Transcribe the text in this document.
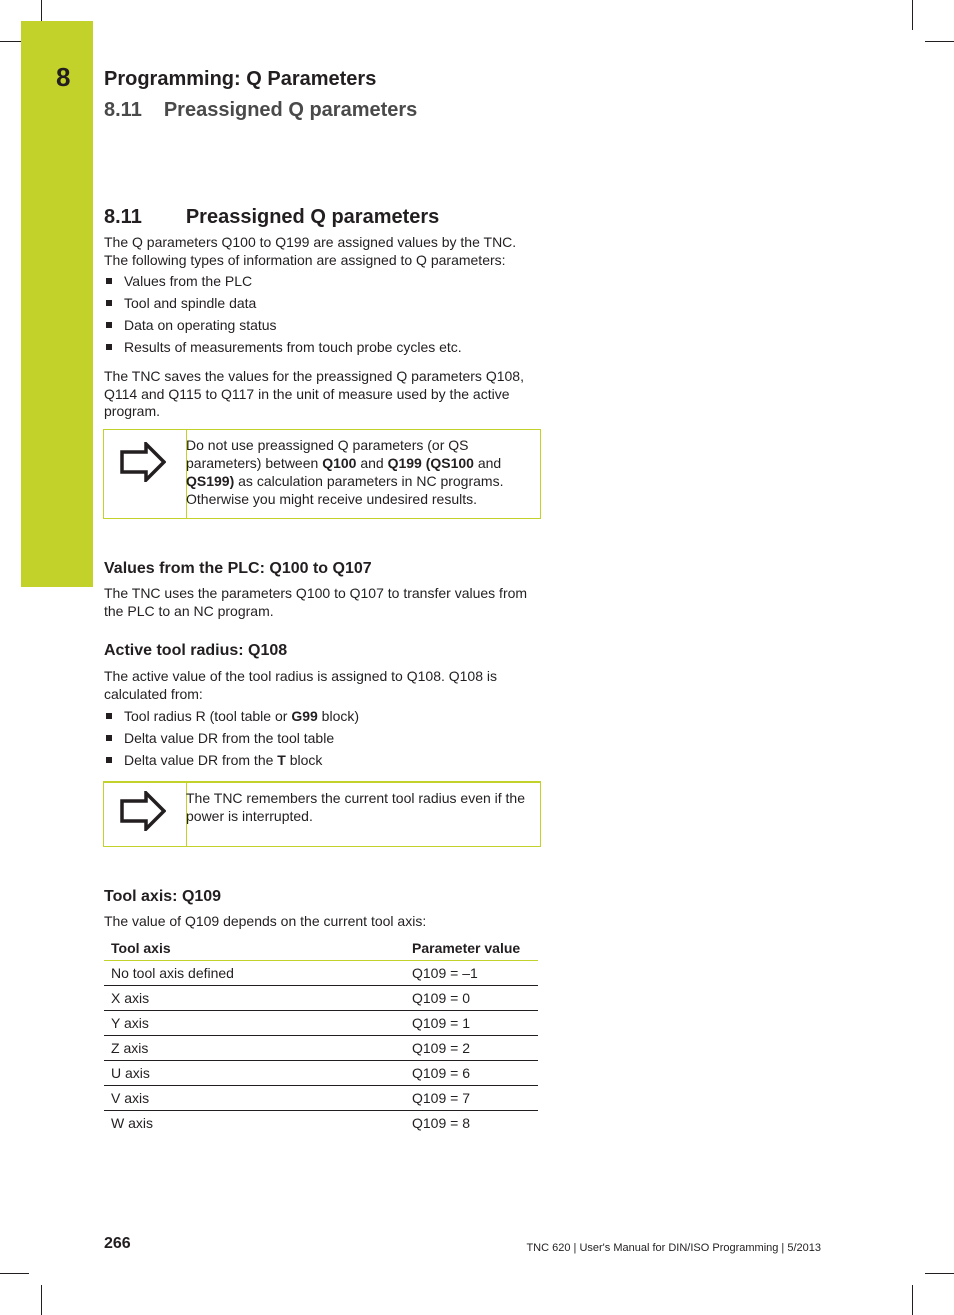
8 Programming: Q Parameters
8.11 Preassigned Q parameters
8.11 Preassigned Q parameters

The Q parameters Q100 to Q199 are assigned values by the TNC.

The following types of information are assigned to Q parameters:

Values from the PLC
Tool and spindle data
Data on operating status
Results of measurements from touch probe cycles etc.

The TNC saves the values for the preassigned Q parameters Q108, Q114 and Q115 to Q117 in the unit of measure used by the active program.

Do not use preassigned Q parameters (or QS parameters) between Q100 and Q199 (QS100 and QS199) as calculation parameters in NC programs. Otherwise you might receive undesired results.
Values from the PLC: Q100 to Q107

The TNC uses the parameters Q100 to Q107 to transfer values from the PLC to an NC program.

Active tool radius: Q108

The active value of the tool radius is assigned to Q108. Q108 is calculated from:

Tool radius R (tool table or G99 block)
Delta value DR from the tool table
Delta value DR from the T block
The TNC remembers the current tool radius even if the power is interrupted.
Tool axis: Q109

The value of Q109 depends on the current tool axis:

Tool axis	Parameter value
No tool axis defined	Q109 = –1
X axis	Q109 = 0
Y axis	Q109 = 1
Z axis	Q109 = 2
U axis	Q109 = 6
V axis	Q109 = 7
W axis	Q109 = 8
266	TNC 620 | User's Manual for DIN/ISO Programming | 5/2013
